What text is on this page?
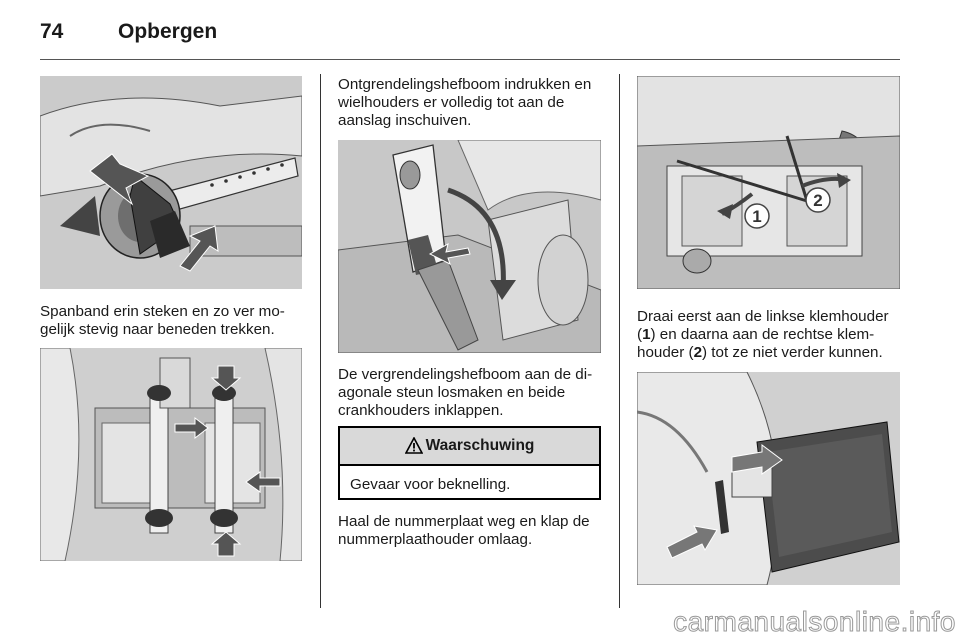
74	Opbergen
Spanband erin steken en zo ver mo-gelijk stevig naar beneden trekken.
Ontgrendelingshefboom indrukken en wielhouders er volledig tot aan de aanslag inschuiven.
De vergrendelingshefboom aan de di-agonale steun losmaken en beide crankhouders inklappen.
Waarschuwing
Gevaar voor beknelling.
Haal de nummerplaat weg en klap de nummerplaathouder omlaag.
1
2
Draai eerst aan de linkse klemhouder (1) en daarna aan de rechtse klem-houder (2) tot ze niet verder kunnen.
carmanualsonline.info
